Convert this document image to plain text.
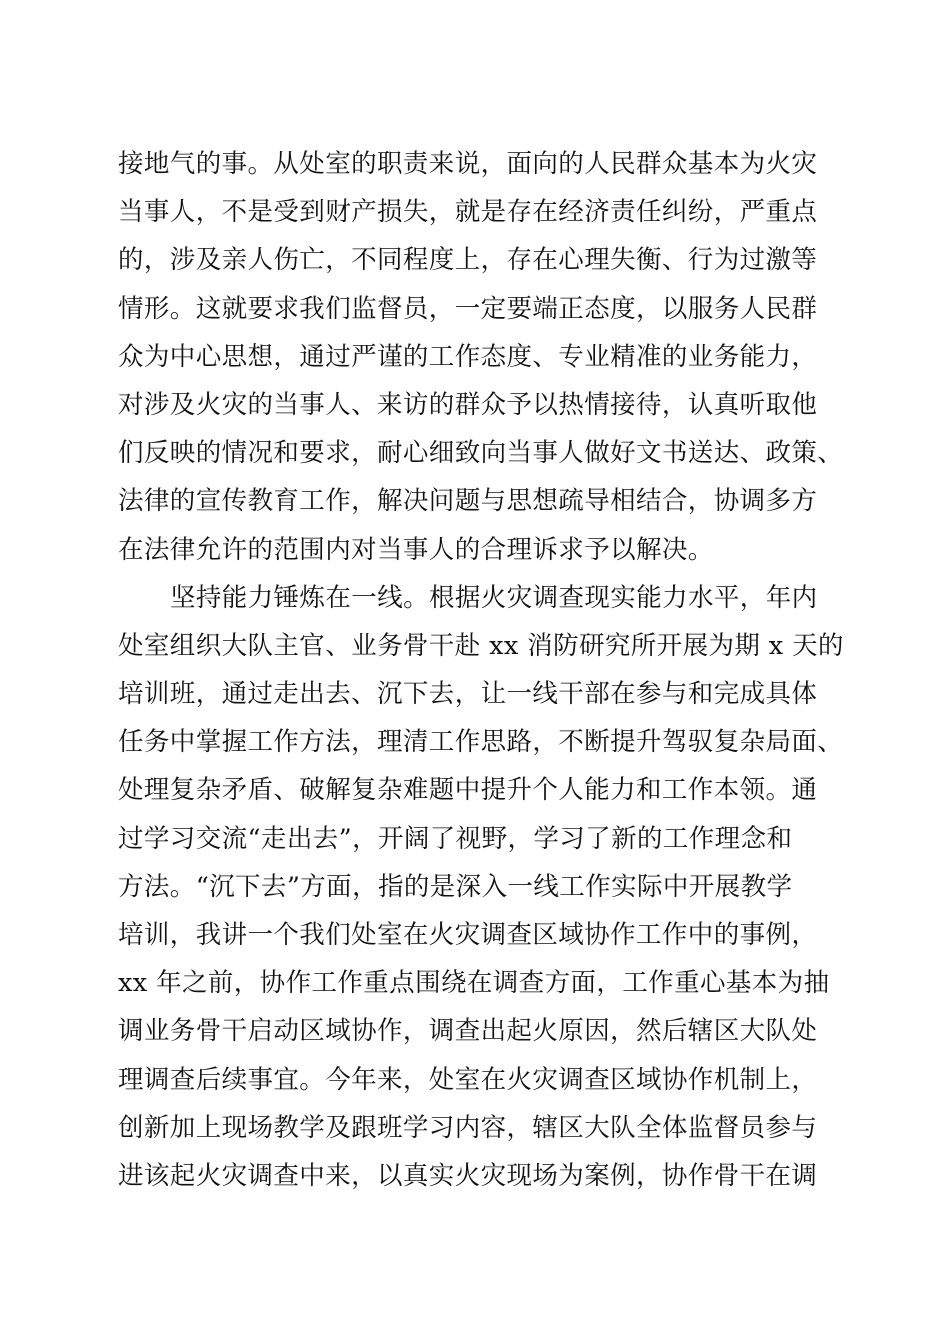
接地气的事。从处室的职责来说，面向的人民群众基本为火灾
当事人，不是受到财产损失，就是存在经济责任纠纷，严重点
的，涉及亲人伤亡，不同程度上，存在心理失衡、行为过激等
情形。这就要求我们监督员，一定要端正态度，以服务人民群
众为中心思想，通过严谨的工作态度、专业精准的业务能力，
对涉及火灾的当事人、来访的群众予以热情接待，认真听取他
们反映的情况和要求，耐心细致向当事人做好文书送达、政策、
法律的宣传教育工作，解决问题与思想疏导相结合，协调多方
在法律允许的范围内对当事人的合理诉求予以解决。
坚持能力锤炼在一线。根据火灾调查现实能力水平，年内
处室组织大队主官、业务骨干赴 xx 消防研究所开展为期 x 天的
培训班，通过走出去、沉下去，让一线干部在参与和完成具体
任务中掌握工作方法，理清工作思路，不断提升驾驭复杂局面、
处理复杂矛盾、破解复杂难题中提升个人能力和工作本领。通
过学习交流“走出去”，开阔了视野，学习了新的工作理念和
方法。“沉下去”方面，指的是深入一线工作实际中开展教学
培训，我讲一个我们处室在火灾调查区域协作工作中的事例，
xx 年之前，协作工作重点围绕在调查方面，工作重心基本为抽
调业务骨干启动区域协作，调查出起火原因，然后辖区大队处
理调查后续事宜。今年来，处室在火灾调查区域协作机制上，
创新加上现场教学及跟班学习内容，辖区大队全体监督员参与
进该起火灾调查中来，以真实火灾现场为案例，协作骨干在调
